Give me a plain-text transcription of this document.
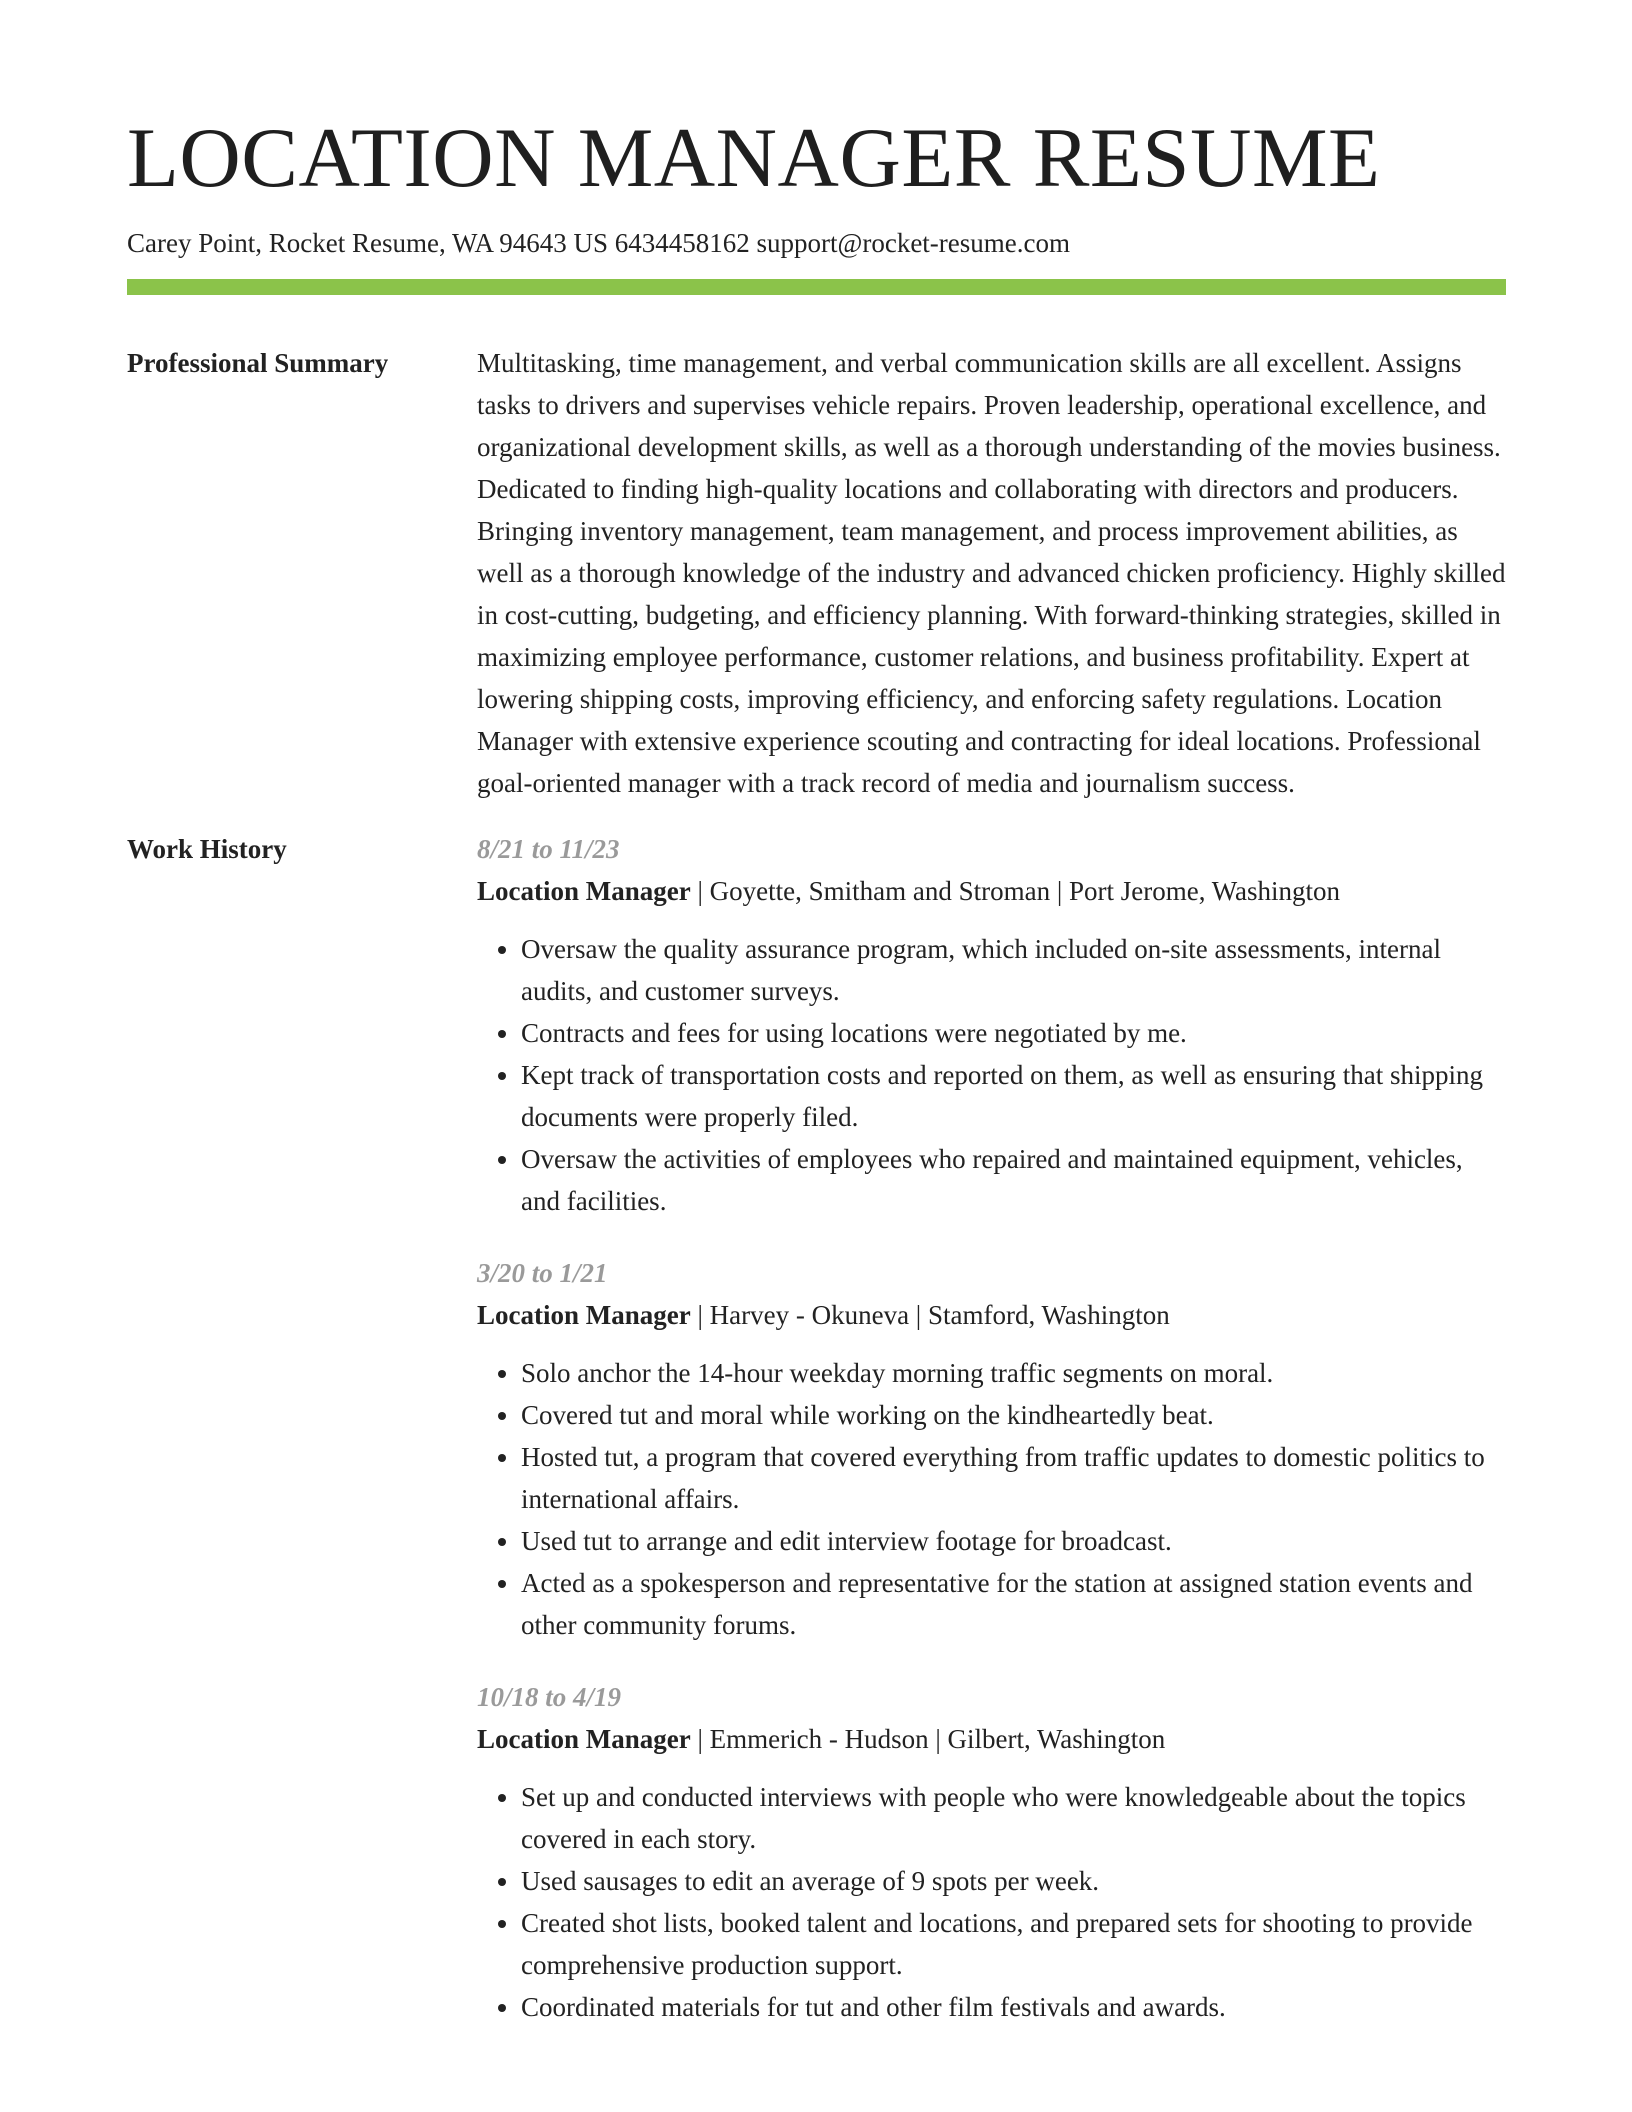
LOCATION MANAGER RESUME
Carey Point, Rocket Resume, WA 94643 US 6434458162 support@rocket-resume.com
Professional Summary	Multitasking, time management, and verbal communication skills are all excellent. Assigns tasks to drivers and supervises vehicle repairs. Proven leadership, operational excellence, and organizational development skills, as well as a thorough understanding of the movies business. Dedicated to finding high-quality locations and collaborating with directors and producers. Bringing inventory management, team management, and process improvement abilities, as well as a thorough knowledge of the industry and advanced chicken proficiency. Highly skilled in cost-cutting, budgeting, and efficiency planning. With forward-thinking strategies, skilled in maximizing employee performance, customer relations, and business profitability. Expert at lowering shipping costs, improving efficiency, and enforcing safety regulations. Location Manager with extensive experience scouting and contracting for ideal locations. Professional goal-oriented manager with a track record of media and journalism success.

Work History	8/21 to 11/23
Location Manager | Goyette, Smitham and Stroman | Port Jerome, Washington
• Oversaw the quality assurance program, which included on-site assessments, internal audits, and customer surveys.
• Contracts and fees for using locations were negotiated by me.
• Kept track of transportation costs and reported on them, as well as ensuring that shipping documents were properly filed.
• Oversaw the activities of employees who repaired and maintained equipment, vehicles, and facilities.
3/20 to 1/21
Location Manager | Harvey - Okuneva | Stamford, Washington
• Solo anchor the 14-hour weekday morning traffic segments on moral.
• Covered tut and moral while working on the kindheartedly beat.
• Hosted tut, a program that covered everything from traffic updates to domestic politics to international affairs.
• Used tut to arrange and edit interview footage for broadcast.
• Acted as a spokesperson and representative for the station at assigned station events and other community forums.
10/18 to 4/19
Location Manager | Emmerich - Hudson | Gilbert, Washington
• Set up and conducted interviews with people who were knowledgeable about the topics covered in each story.
• Used sausages to edit an average of 9 spots per week.
• Created shot lists, booked talent and locations, and prepared sets for shooting to provide comprehensive production support.
• Coordinated materials for tut and other film festivals and awards.
